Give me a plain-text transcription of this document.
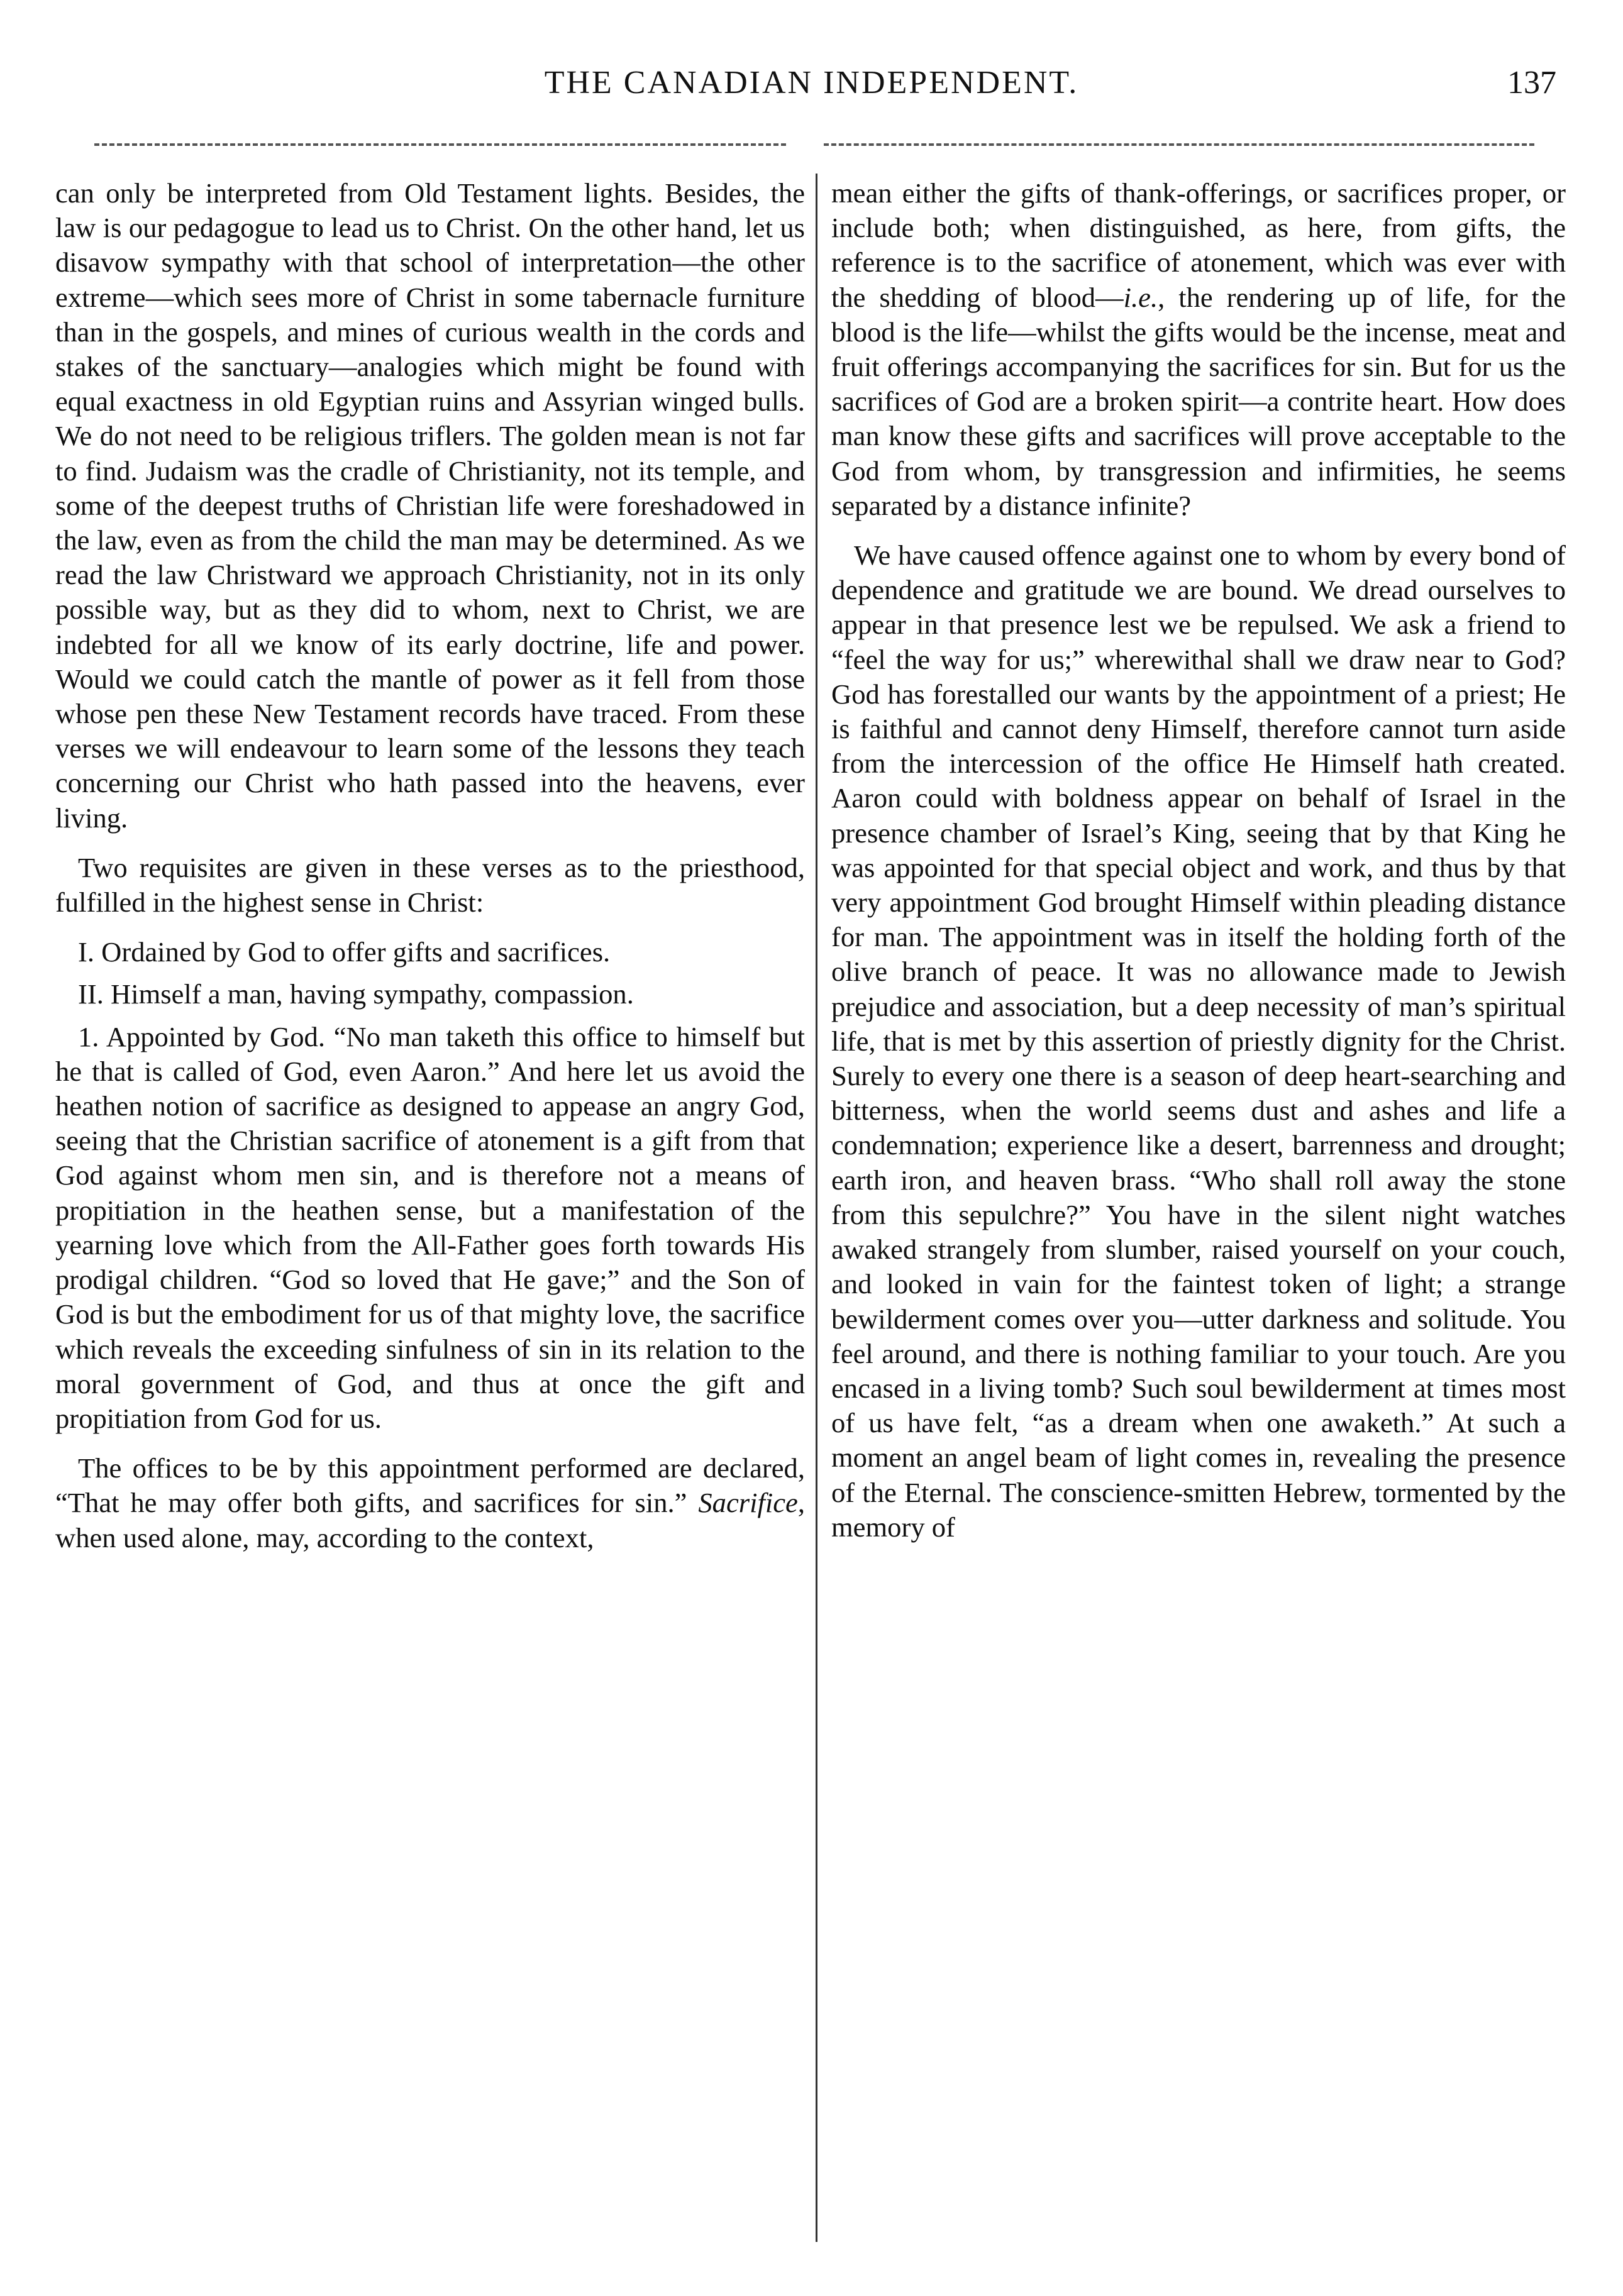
THE CANADIAN INDEPENDENT.	137

can only be interpreted from Old Testament lights. Besides, the law is our pedagogue to lead us to Christ. On the other hand, let us disavow sympathy with that school of interpretation—the other extreme—which sees more of Christ in some tabernacle furniture than in the gospels, and mines of curious wealth in the cords and stakes of the sanctuary—analogies which might be found with equal exactness in old Egyptian ruins and Assyrian winged bulls. We do not need to be religious triflers. The golden mean is not far to find. Judaism was the cradle of Christianity, not its temple, and some of the deepest truths of Christian life were foreshadowed in the law, even as from the child the man may be determined. As we read the law Christward we approach Christianity, not in its only possible way, but as they did to whom, next to Christ, we are indebted for all we know of its early doctrine, life and power. Would we could catch the mantle of power as it fell from those whose pen these New Testament records have traced. From these verses we will endeavour to learn some of the lessons they teach concerning our Christ who hath passed into the heavens, ever living.

Two requisites are given in these verses as to the priesthood, fulfilled in the highest sense in Christ:

I. Ordained by God to offer gifts and sacrifices.

II. Himself a man, having sympathy, compassion.

1. Appointed by God. “No man taketh this office to himself but he that is called of God, even Aaron.” And here let us avoid the heathen notion of sacrifice as designed to appease an angry God, seeing that the Christian sacrifice of atonement is a gift from that God against whom men sin, and is therefore not a means of propitiation in the heathen sense, but a manifestation of the yearning love which from the All-Father goes forth towards His prodigal children. “God so loved that He gave;” and the Son of God is but the embodiment for us of that mighty love, the sacrifice which reveals the exceeding sinfulness of sin in its relation to the moral government of God, and thus at once the gift and propitiation from God for us.

The offices to be by this appointment performed are declared, “That he may offer both gifts, and sacrifices for sin.” Sacrifice, when used alone, may, according to the context,

mean either the gifts of thank-offerings, or sacrifices proper, or include both; when distinguished, as here, from gifts, the reference is to the sacrifice of atonement, which was ever with the shedding of blood—i.e., the rendering up of life, for the blood is the life—whilst the gifts would be the incense, meat and fruit offerings accompanying the sacrifices for sin. But for us the sacrifices of God are a broken spirit—a contrite heart. How does man know these gifts and sacrifices will prove acceptable to the God from whom, by transgression and infirmities, he seems separated by a distance infinite?

We have caused offence against one to whom by every bond of dependence and gratitude we are bound. We dread ourselves to appear in that presence lest we be repulsed. We ask a friend to “feel the way for us;” wherewithal shall we draw near to God? God has forestalled our wants by the appointment of a priest; He is faithful and cannot deny Himself, therefore cannot turn aside from the intercession of the office He Himself hath created. Aaron could with boldness appear on behalf of Israel in the presence chamber of Israel’s King, seeing that by that King he was appointed for that special object and work, and thus by that very appointment God brought Himself within pleading distance for man. The appointment was in itself the holding forth of the olive branch of peace. It was no allowance made to Jewish prejudice and association, but a deep necessity of man’s spiritual life, that is met by this assertion of priestly dignity for the Christ. Surely to every one there is a season of deep heart-searching and bitterness, when the world seems dust and ashes and life a condemnation; experience like a desert, barrenness and drought; earth iron, and heaven brass. “Who shall roll away the stone from this sepulchre?” You have in the silent night watches awaked strangely from slumber, raised yourself on your couch, and looked in vain for the faintest token of light; a strange bewilderment comes over you—utter darkness and solitude. You feel around, and there is nothing familiar to your touch. Are you encased in a living tomb? Such soul bewilderment at times most of us have felt, “as a dream when one awaketh.” At such a moment an angel beam of light comes in, revealing the presence of the Eternal. The conscience-smitten Hebrew, tormented by the memory of
